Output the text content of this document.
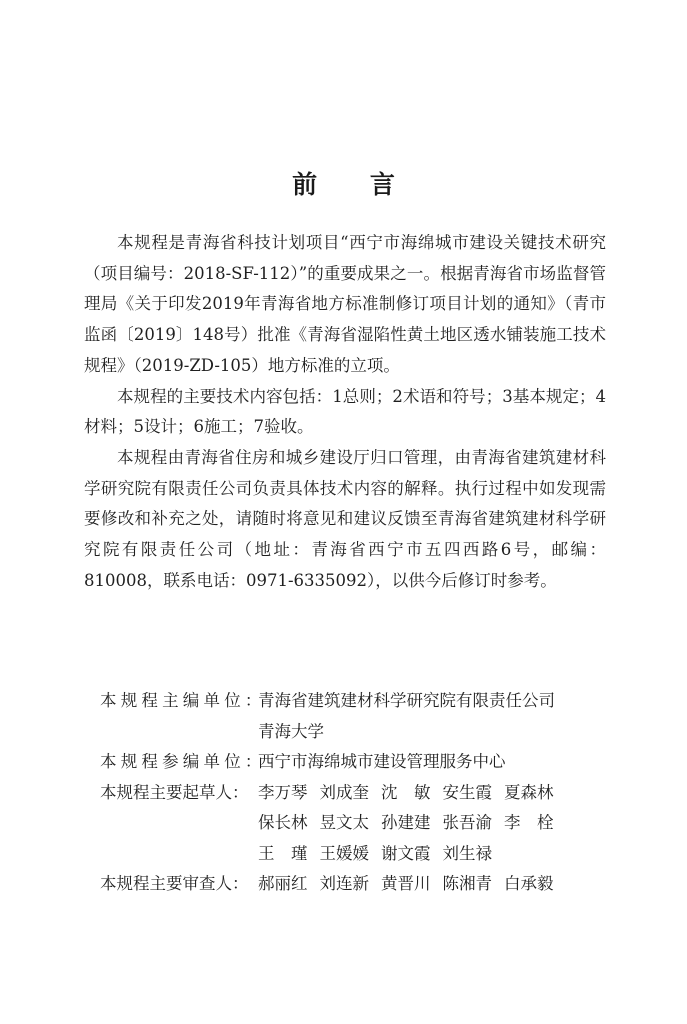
前 言

本规程是青海省科技计划项目“西宁市海绵城市建设关键技术研究（项目编号：2018-SF-112）”的重要成果之一。根据青海省市场监督管理局《关于印发2019年青海省地方标准制修订项目计划的通知》（青市监函〔2019〕148号）批准《青海省湿陷性黄土地区透水铺装施工技术规程》（2019-ZD-105）地方标准的立项。

本规程的主要技术内容包括：1总则；2术语和符号；3基本规定；4材料；5设计；6施工；7验收。

本规程由青海省住房和城乡建设厅归口管理，由青海省建筑建材科学研究院有限责任公司负责具体技术内容的解释。执行过程中如发现需要修改和补充之处，请随时将意见和建议反馈至青海省建筑建材科学研究院有限责任公司（地址：青海省西宁市五四西路6号，邮编：810008，联系电话：0971-6335092），以供今后修订时参考。

本规程主编单位：
青海省建筑建材科学研究院有限责任公司
青海大学
本规程参编单位：
西宁市海绵城市建设管理服务中心
本规程主要起草人： 李万琴 刘成奎 沈　敏 安生霞 夏森林
保长林 昱文太 孙建建 张吾渝 李　栓
王　瑾 王媛媛 谢文霞 刘生禄
本规程主要审查人： 郝丽红 刘连新 黄晋川 陈湘青 白承毅
